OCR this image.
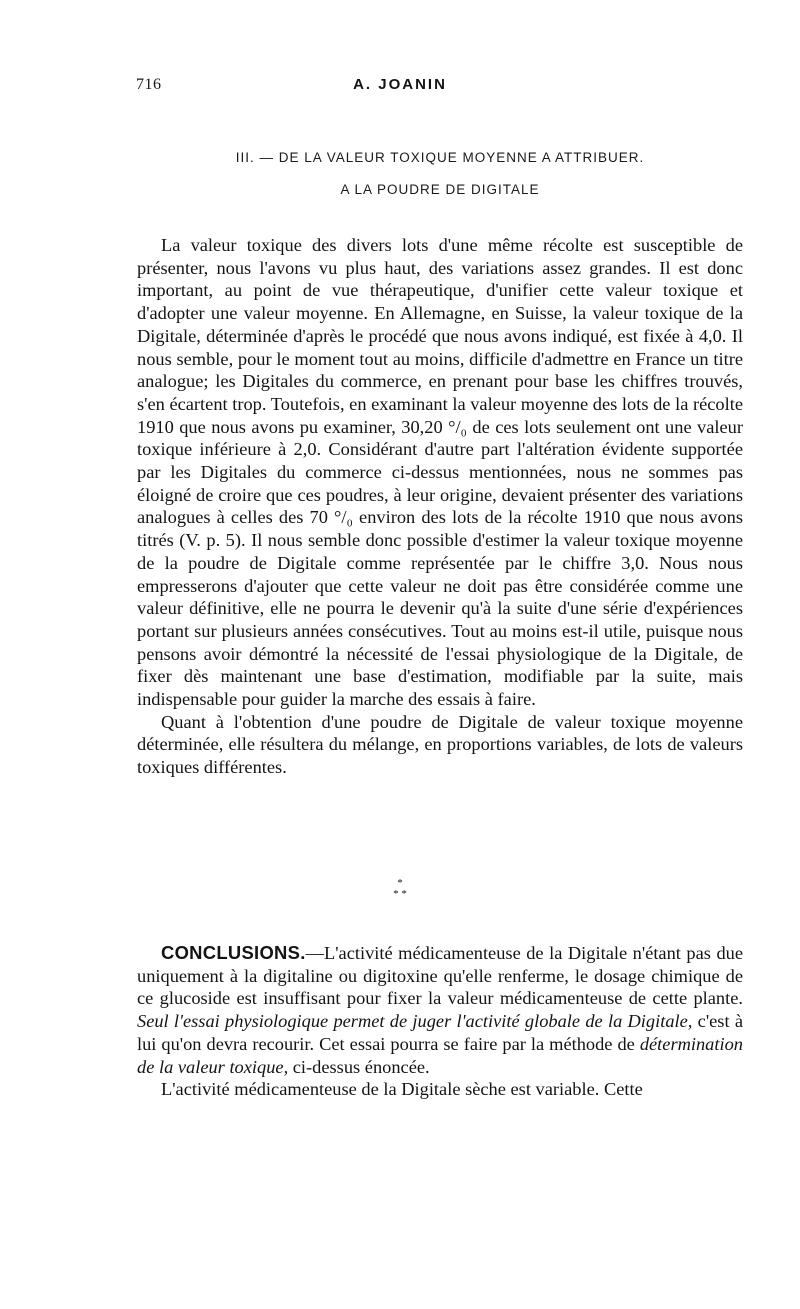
716	A. JOANIN
III. — DE LA VALEUR TOXIQUE MOYENNE A ATTRIBUER.
A LA POUDRE DE DIGITALE

La valeur toxique des divers lots d'une même récolte est susceptible de présenter, nous l'avons vu plus haut, des variations assez grandes. Il est donc important, au point de vue thérapeutique, d'unifier cette valeur toxique et d'adopter une valeur moyenne. En Allemagne, en Suisse, la valeur toxique de la Digitale, déterminée d'après le procédé que nous avons indiqué, est fixée à 4,0. Il nous semble, pour le moment tout au moins, difficile d'admettre en France un titre analogue; les Digitales du commerce, en prenant pour base les chiffres trouvés, s'en écartent trop. Toutefois, en examinant la valeur moyenne des lots de la récolte 1910 que nous avons pu examiner, 30,20 °/₀ de ces lots seulement ont une valeur toxique inférieure à 2,0. Considérant d'autre part l'altération évidente supportée par les Digitales du commerce ci-dessus mentionnées, nous ne sommes pas éloigné de croire que ces poudres, à leur origine, devaient présenter des variations analogues à celles des 70 °/₀ environ des lots de la récolte 1910 que nous avons titrés (V. p. 5). Il nous semble donc possible d'estimer la valeur toxique moyenne de la poudre de Digitale comme représentée par le chiffre 3,0. Nous nous empresserons d'ajouter que cette valeur ne doit pas être considérée comme une valeur définitive, elle ne pourra le devenir qu'à la suite d'une série d'expériences portant sur plusieurs années consécutives. Tout au moins est-il utile, puisque nous pensons avoir démontré la nécessité de l'essai physiologique de la Digitale, de fixer dès maintenant une base d'estimation, modifiable par la suite, mais indispensable pour guider la marche des essais à faire.

Quant à l'obtention d'une poudre de Digitale de valeur toxique moyenne déterminée, elle résultera du mélange, en proportions variables, de lots de valeurs toxiques différentes.

*
* *

CONCLUSIONS.—L'activité médicamenteuse de la Digitale n'étant pas due uniquement à la digitaline ou digitoxine qu'elle renferme, le dosage chimique de ce glucoside est insuffisant pour fixer la valeur médicamenteuse de cette plante. Seul l'essai physiologique permet de juger l'activité globale de la Digitale, c'est à lui qu'on devra recourir. Cet essai pourra se faire par la méthode de détermination de la valeur toxique, ci-dessus énoncée.

L'activité médicamenteuse de la Digitale sèche est variable. Cette
